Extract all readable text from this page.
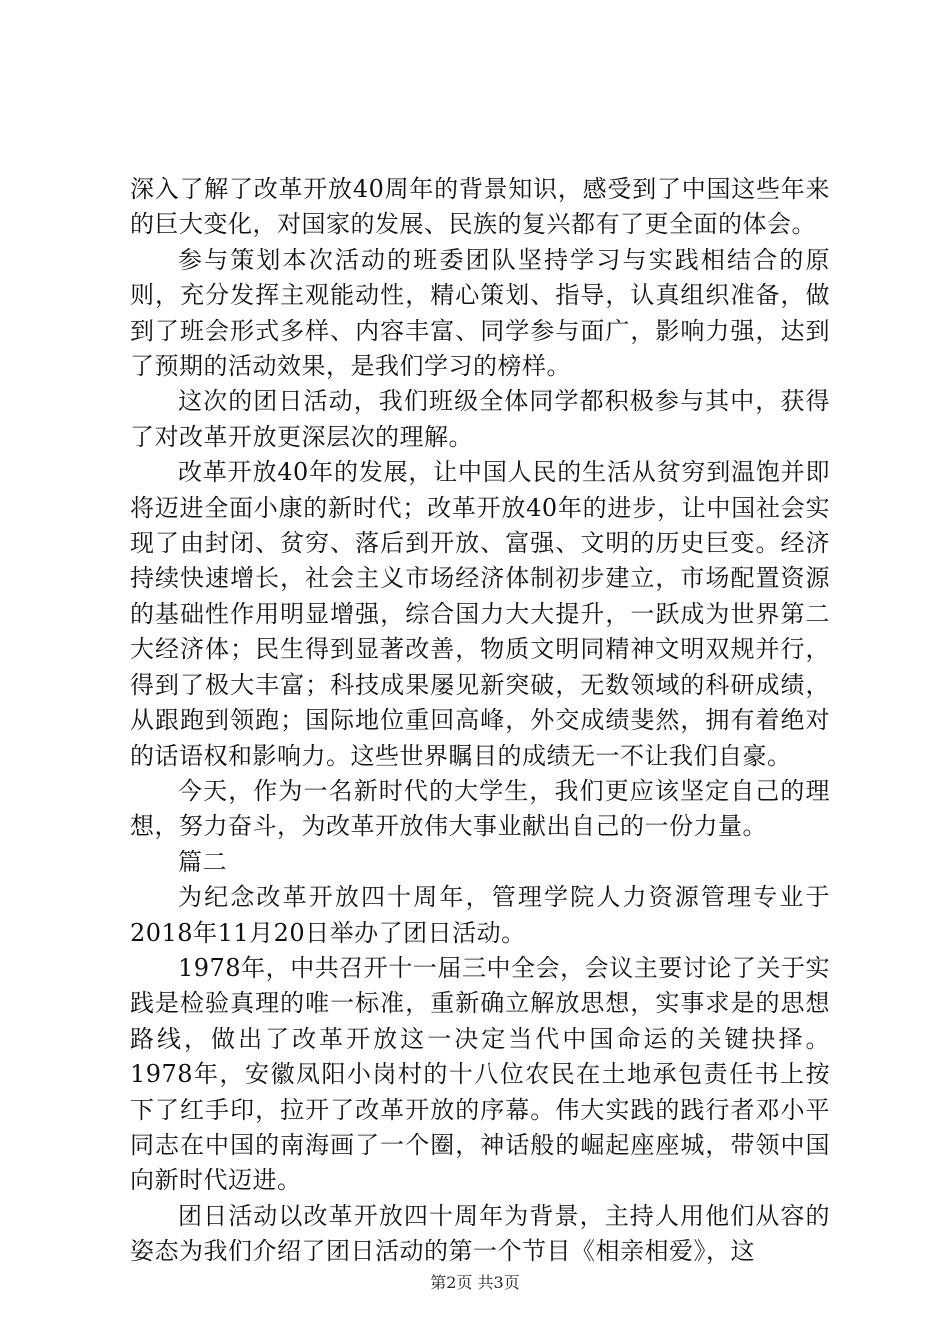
深入了解了改革开放40周年的背景知识，感受到了中国这些年来的巨大变化，对国家的发展、民族的复兴都有了更全面的体会。

参与策划本次活动的班委团队坚持学习与实践相结合的原则，充分发挥主观能动性，精心策划、指导，认真组织准备，做到了班会形式多样、内容丰富、同学参与面广，影响力强，达到了预期的活动效果，是我们学习的榜样。

这次的团日活动，我们班级全体同学都积极参与其中，获得了对改革开放更深层次的理解。

改革开放40年的发展，让中国人民的生活从贫穷到温饱并即将迈进全面小康的新时代；改革开放40年的进步，让中国社会实现了由封闭、贫穷、落后到开放、富强、文明的历史巨变。经济持续快速增长，社会主义市场经济体制初步建立，市场配置资源的基础性作用明显增强，综合国力大大提升，一跃成为世界第二大经济体；民生得到显著改善，物质文明同精神文明双规并行，得到了极大丰富；科技成果屡见新突破，无数领域的科研成绩，从跟跑到领跑；国际地位重回高峰，外交成绩斐然，拥有着绝对的话语权和影响力。这些世界瞩目的成绩无一不让我们自豪。

今天，作为一名新时代的大学生，我们更应该坚定自己的理想，努力奋斗，为改革开放伟大事业献出自己的一份力量。

篇二

为纪念改革开放四十周年，管理学院人力资源管理专业于2018年11月20日举办了团日活动。

1978年，中共召开十一届三中全会，会议主要讨论了关于实践是检验真理的唯一标准，重新确立解放思想，实事求是的思想路线，做出了改革开放这一决定当代中国命运的关键抉择。1978年，安徽凤阳小岗村的十八位农民在土地承包责任书上按下了红手印，拉开了改革开放的序幕。伟大实践的践行者邓小平同志在中国的南海画了一个圈，神话般的崛起座座城，带领中国向新时代迈进。

团日活动以改革开放四十周年为背景，主持人用他们从容的姿态为我们介绍了团日活动的第一个节目《相亲相爱》，这

第2页 共3页
